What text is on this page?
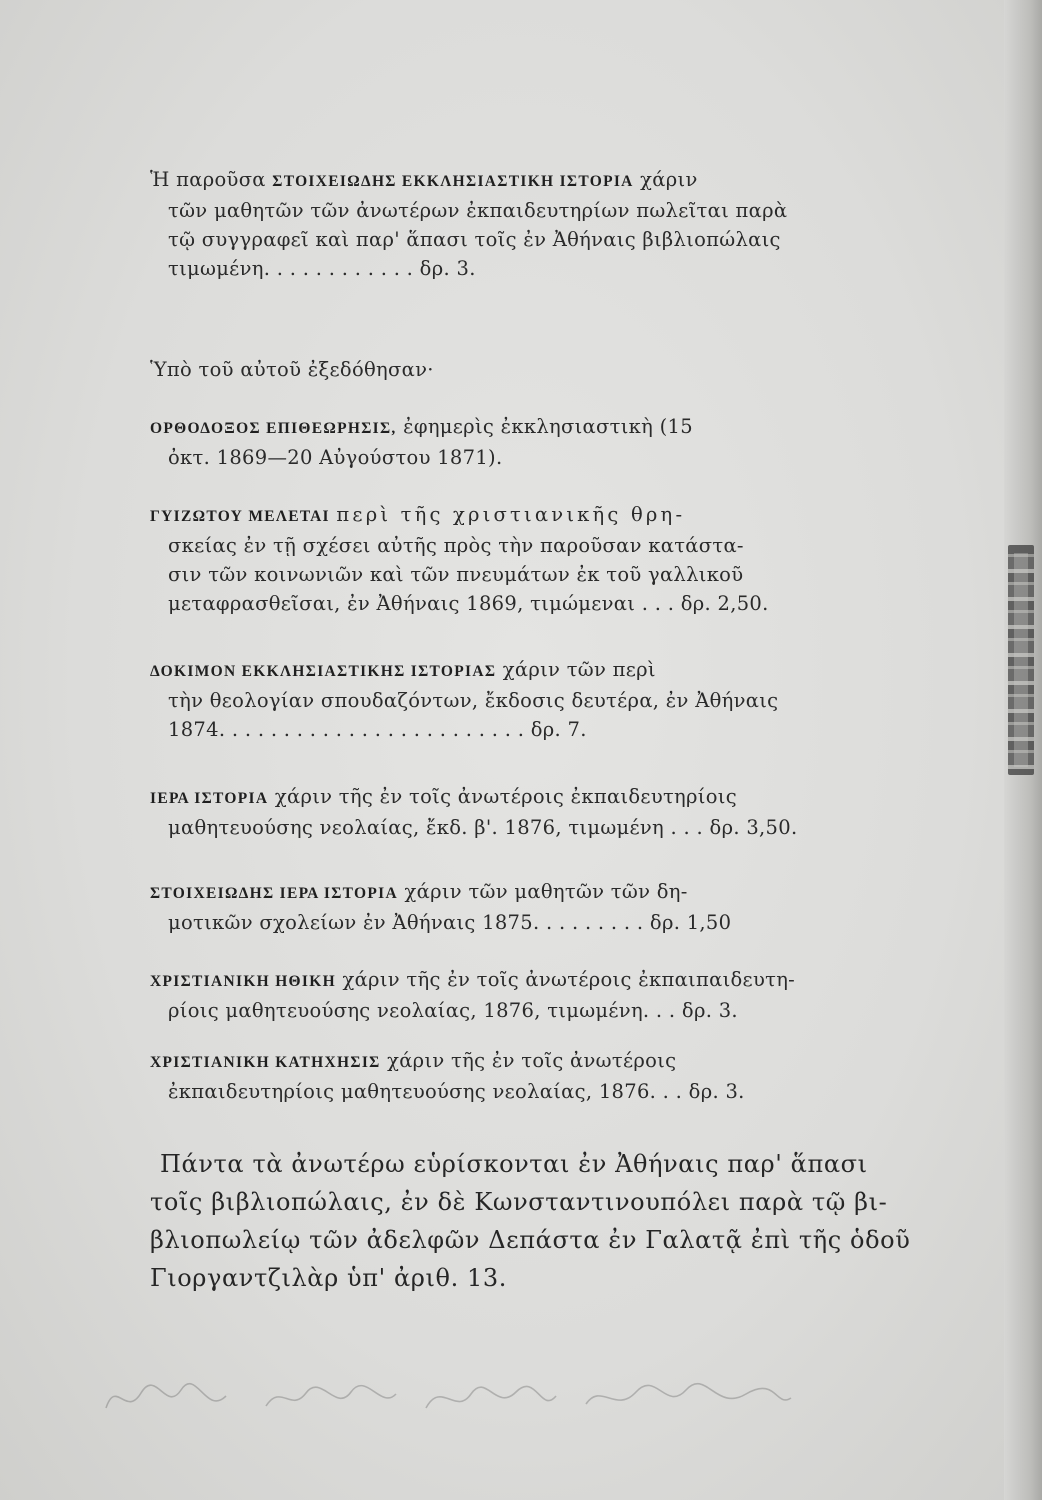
Ἡ παροῦσα ΣΤΟΙΧΕΙΩΔΗΣ ΕΚΚΛΗΣΙΑΣΤΙΚΗ ΙΣΤΟΡΙΑ χάριν
τῶν μαθητῶν τῶν ἀνωτέρων ἐκπαιδευτηρίων πωλεῖται παρὰ
τῷ συγγραφεῖ καὶ παρ' ἅπασι τοῖς ἐν Ἀθήναις βιβλιοπώλαις
τιμωμένη. . . . . . . . . . . . δρ. 3.
Ὑπὸ τοῦ αὐτοῦ ἐξεδόθησαν·
ΟΡΘΟΔΟΞΟΣ ΕΠΙΘΕΩΡΗΣΙΣ, ἐφημερὶς ἐκκλησιαστικὴ (15
ὀκτ. 1869—20 Αὐγούστου 1871).
ΓΥΙΖΩΤΟΥ ΜΕΛΕΤΑΙ περὶ τῆς χριστιανικῆς θρη-
σκείας ἐν τῇ σχέσει αὐτῆς πρὸς τὴν παροῦσαν κατάστα-
σιν τῶν κοινωνιῶν καὶ τῶν πνευμάτων ἐκ τοῦ γαλλικοῦ
μεταφρασθεῖσαι, ἐν Ἀθήναις 1869, τιμώμεναι . . . δρ. 2,50.
ΔΟΚΙΜΟΝ ΕΚΚΛΗΣΙΑΣΤΙΚΗΣ ΙΣΤΟΡΙΑΣ χάριν τῶν περὶ
τὴν θεολογίαν σπουδαζόντων, ἔκδοσις δευτέρα, ἐν Ἀθήναις
1874. . . . . . . . . . . . . . . . . . . . . . . . δρ. 7.
ΙΕΡΑ ΙΣΤΟΡΙΑ χάριν τῆς ἐν τοῖς ἀνωτέροις ἐκπαιδευτηρίοις
μαθητευούσης νεολαίας, ἔκδ. β'. 1876, τιμωμένη . . . δρ. 3,50.
ΣΤΟΙΧΕΙΩΔΗΣ ΙΕΡΑ ΙΣΤΟΡΙΑ χάριν τῶν μαθητῶν τῶν δη-
μοτικῶν σχολείων ἐν Ἀθήναις 1875. . . . . . . . . δρ. 1,50
ΧΡΙΣΤΙΑΝΙΚΗ ΗΘΙΚΗ χάριν τῆς ἐν τοῖς ἀνωτέροις ἐκπαιπαιδευτη-
ρίοις μαθητευούσης νεολαίας, 1876, τιμωμένη. . . δρ. 3.
ΧΡΙΣΤΙΑΝΙΚΗ ΚΑΤΗΧΗΣΙΣ χάριν τῆς ἐν τοῖς ἀνωτέροις
ἐκπαιδευτηρίοις μαθητευούσης νεολαίας, 1876. . . δρ. 3.
Πάντα τὰ ἀνωτέρω εὑρίσκονται ἐν Ἀθήναις παρ' ἅπασι
τοῖς βιβλιοπώλαις, ἐν δὲ Κωνσταντινουπόλει παρὰ τῷ βι-
βλιοπωλείῳ τῶν ἀδελφῶν Δεπάστα ἐν Γαλατᾷ ἐπὶ τῆς ὁδοῦ
Γιοργαντζιλὰρ ὑπ' ἀριθ. 13.
